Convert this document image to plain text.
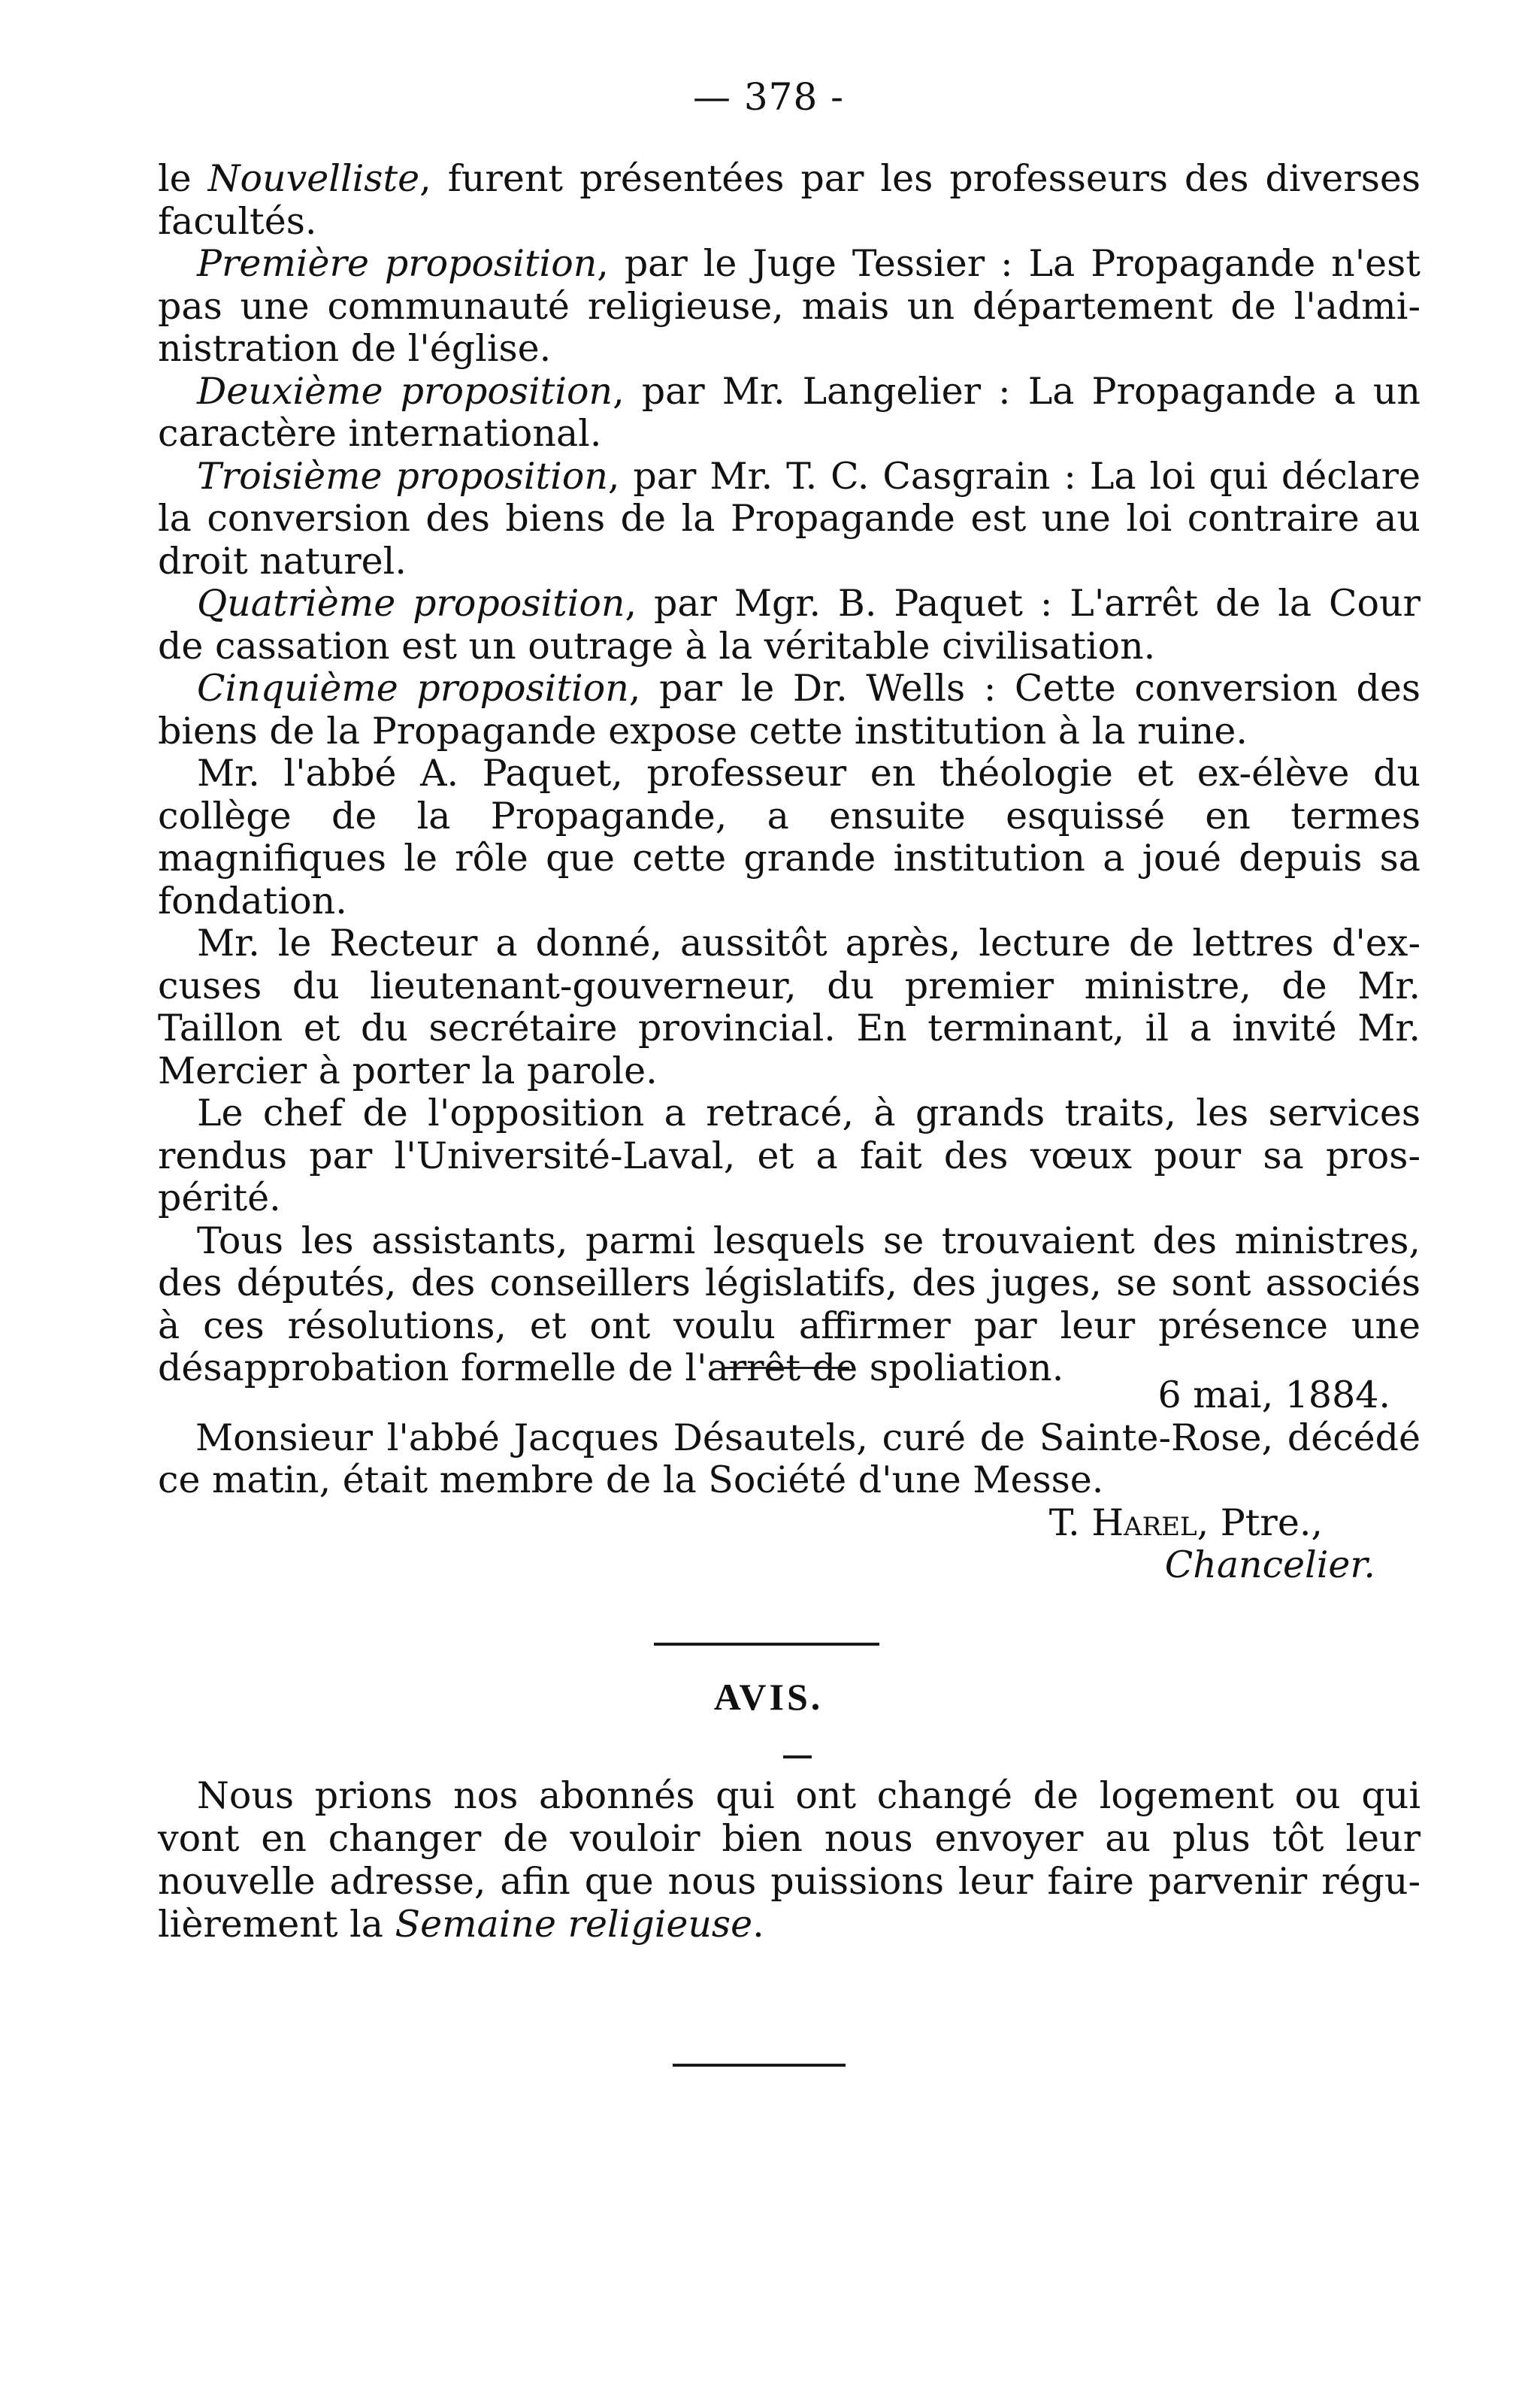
— 378 -

le Nouvelliste, furent présentées par les professeurs des diverses facultés.

Première proposition, par le Juge Tessier : La Propagande n'est pas une communauté religieuse, mais un département de l'administration de l'église.

Deuxième proposition, par Mr. Langelier : La Propagande a un caractère international.

Troisième proposition, par Mr. T. C. Casgrain : La loi qui déclare la conversion des biens de la Propagande est une loi contraire au droit naturel.

Quatrième proposition, par Mgr. B. Paquet : L'arrêt de la Cour de cassation est un outrage à la véritable civilisation.

Cinquième proposition, par le Dr. Wells : Cette conversion des biens de la Propagande expose cette institution à la ruine.

Mr. l'abbé A. Paquet, professeur en théologie et ex-élève du collège de la Propagande, a ensuite esquissé en termes magnifiques le rôle que cette grande institution a joué depuis sa fondation.

Mr. le Recteur a donné, aussitôt après, lecture de lettres d'excuses du lieutenant-gouverneur, du premier ministre, de Mr. Taillon et du secrétaire provincial. En terminant, il a invité Mr. Mercier à porter la parole.

Le chef de l'opposition a retracé, à grands traits, les services rendus par l'Université-Laval, et a fait des vœux pour sa prospérité.

Tous les assistants, parmi lesquels se trouvaient des ministres, des députés, des conseillers législatifs, des juges, se sont associés à ces résolutions, et ont voulu affirmer par leur présence une désapprobation formelle de l'arrêt de spoliation.

6 mai, 1884.

Monsieur l'abbé Jacques Désautels, curé de Sainte-Rose, décédé ce matin, était membre de la Société d'une Messe.

T. Harel, Ptre.,

Chancelier.

AVIS.

Nous prions nos abonnés qui ont changé de logement ou qui vont en changer de vouloir bien nous envoyer au plus tôt leur nouvelle adresse, afin que nous puissions leur faire parvenir régulièrement la Semaine religieuse.
